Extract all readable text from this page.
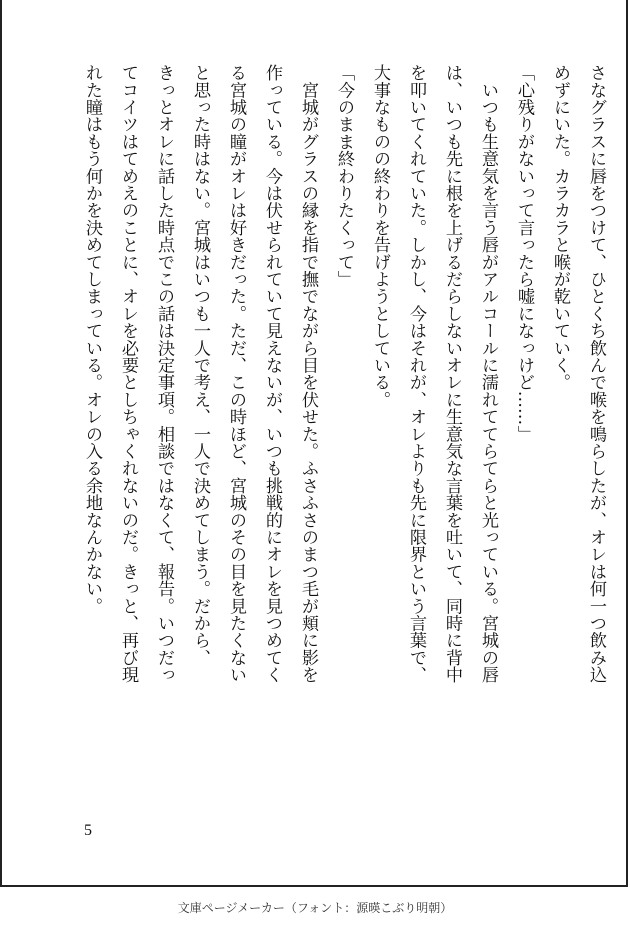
さなグラスに唇をつけて、ひとくち飲んで喉を鳴らしたが、オレは何一つ飲み込
めずにいた。カラカラと喉が乾いていく。
「心残りがないって言ったら嘘になっけど……」
　いつも生意気を言う唇がアルコールに濡れててらてらと光っている。宮城の唇
は、いつも先に根を上げるだらしないオレに生意気な言葉を吐いて、同時に背中
を叩いてくれていた。しかし、今はそれが、オレよりも先に限界という言葉で、
大事なものの終わりを告げようとしている。
「今のまま終わりたくって」
　宮城がグラスの縁を指で撫でながら目を伏せた。ふさふさのまつ毛が頬に影を
作っている。今は伏せられていて見えないが、いつも挑戦的にオレを見つめてく
る宮城の瞳がオレは好きだった。ただ、この時ほど、宮城のその目を見たくない
と思った時はない。宮城はいつも一人で考え、一人で決めてしまう。だから、
きっとオレに話した時点でこの話は決定事項。相談ではなくて、報告。いつだっ
てコイツはてめえのことに、オレを必要としちゃくれないのだ。きっと、再び現
れた瞳はもう何かを決めてしまっている。オレの入る余地なんかない。
5
文庫ページメーカー（フォント：源暎こぶり明朝）
